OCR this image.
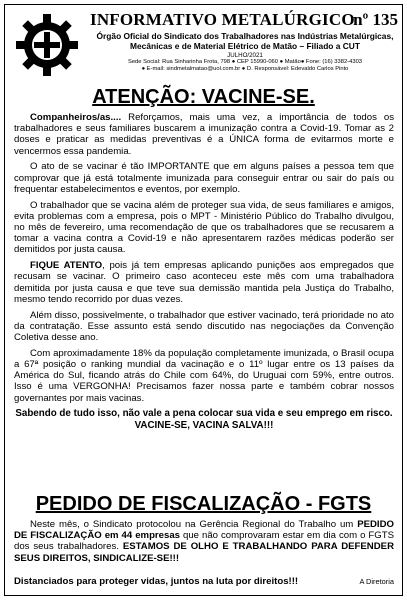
INFORMATIVO METALÚRGICO
nº 135
Órgão Oficial do Sindicato dos Trabalhadores nas Indústrias Metalúrgicas, Mecânicas e de Material Elétrico de Matão – Filiado a CUT
JULHO/2021
Sede Social: Rua Sinharinha Frota, 798 ● CEP 15990-060 ● Matão● Fone: (16) 3382-4303
● E-mail: sindmetalmatao@uol.com.br ● D. Responsável: Edevaldo Carlos Pinto
ATENÇÃO: VACINE-SE.

Companheiros/as.... Reforçamos, mais uma vez, a importância de todos os trabalhadores e seus familiares buscarem a imunização contra a Covid-19. Tomar as 2 doses e praticar as medidas preventivas é a ÚNICA forma de evitarmos morte e vencermos essa pandemia.

O ato de se vacinar é tão IMPORTANTE que em alguns países a pessoa tem que comprovar que já está totalmente imunizada para conseguir entrar ou sair do país ou frequentar estabelecimentos e eventos, por exemplo.

O trabalhador que se vacina além de proteger sua vida, de seus familiares e amigos, evita problemas com a empresa, pois o MPT - Ministério Público do Trabalho divulgou, no mês de fevereiro, uma recomendação de que os trabalhadores que se recusarem a tomar a vacina contra a Covid-19 e não apresentarem razões médicas poderão ser demitidos por justa causa.

FIQUE ATENTO, pois já tem empresas aplicando punições aos empregados que recusam se vacinar. O primeiro caso aconteceu este mês com uma trabalhadora demitida por justa causa e que teve sua demissão mantida pela Justiça do Trabalho, mesmo tendo recorrido por duas vezes.

Além disso, possivelmente, o trabalhador que estiver vacinado, terá prioridade no ato da contratação. Esse assunto está sendo discutido nas negociações da Convenção Coletiva desse ano.

Com aproximadamente 18% da população completamente imunizada, o Brasil ocupa a 67ª posição o ranking mundial da vacinação e o 11º lugar entre os 13 países da América do Sul, ficando atrás do Chile com 64%, do Uruguai com 59%, entre outros. Isso é uma VERGONHA! Precisamos fazer nossa parte e também cobrar nossos governantes por mais vacinas.

Sabendo de tudo isso, não vale a pena colocar sua vida e seu emprego em risco. VACINE-SE, VACINA SALVA!!!

PEDIDO DE FISCALIZAÇÃO - FGTS

Neste mês, o Sindicato protocolou na Gerência Regional do Trabalho um PEDIDO DE FISCALIZAÇÃO em 44 empresas que não comprovaram estar em dia com o FGTS dos seus trabalhadores. ESTAMOS DE OLHO E TRABALHANDO PARA DEFENDER SEUS DIREITOS, SINDICALIZE-SE!!!

Distanciados para proteger vidas, juntos na luta por direitos!!!	A Diretoria
